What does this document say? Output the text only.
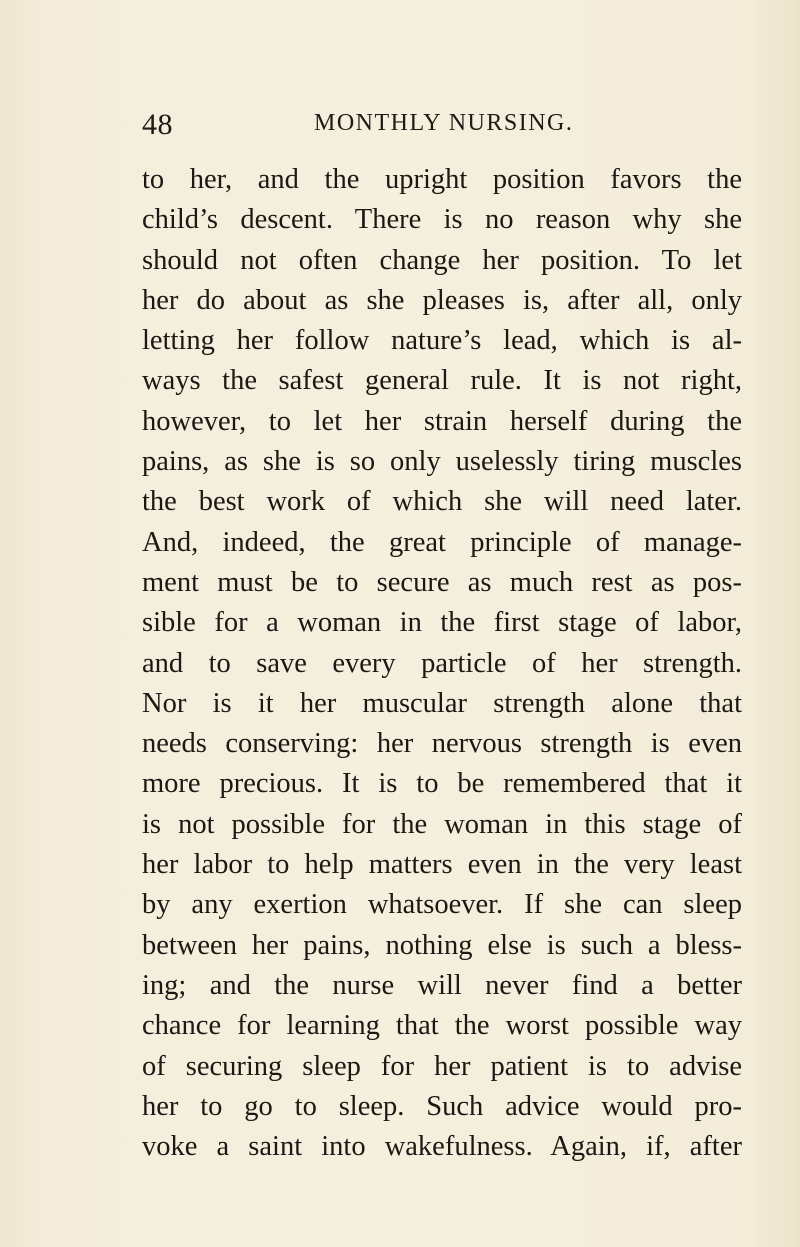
48	MONTHLY NURSING.
to her, and the upright position favors the
child’s descent. There is no reason why she
should not often change her position. To let
her do about as she pleases is, after all, only
letting her follow nature’s lead, which is al-
ways the safest general rule. It is not right,
however, to let her strain herself during the
pains, as she is so only uselessly tiring muscles
the best work of which she will need later.
And, indeed, the great principle of manage-
ment must be to secure as much rest as pos-
sible for a woman in the first stage of labor,
and to save every particle of her strength.
Nor is it her muscular strength alone that
needs conserving: her nervous strength is even
more precious. It is to be remembered that it
is not possible for the woman in this stage of
her labor to help matters even in the very least
by any exertion whatsoever. If she can sleep
between her pains, nothing else is such a bless-
ing; and the nurse will never find a better
chance for learning that the worst possible way
of securing sleep for her patient is to advise
her to go to sleep. Such advice would pro-
voke a saint into wakefulness. Again, if, after
